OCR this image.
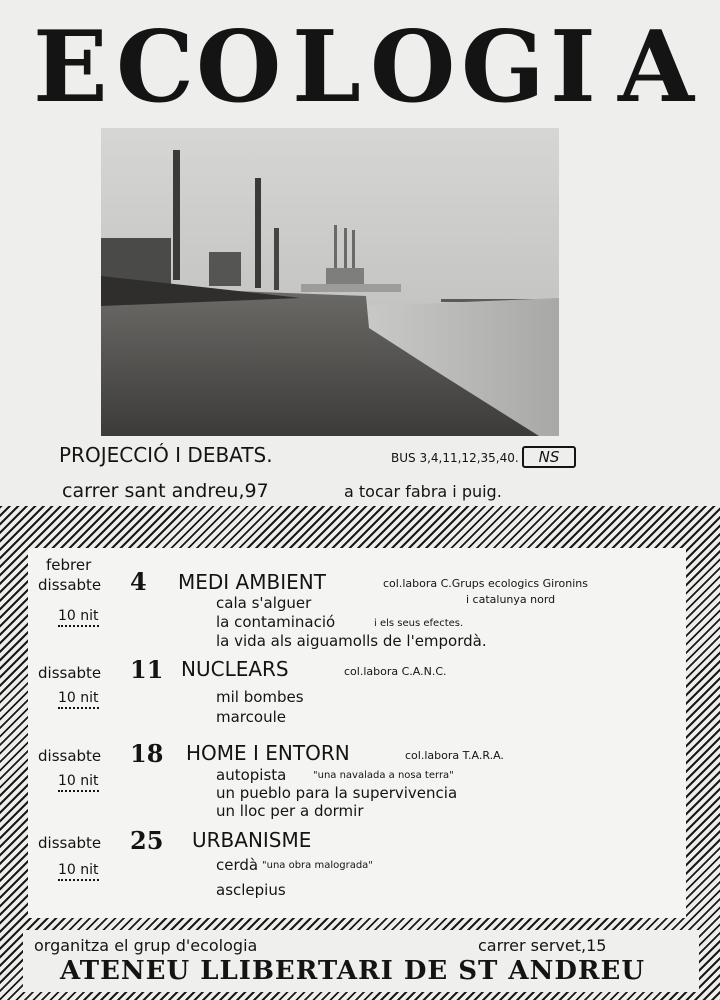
E C O L O G I A
PROJECCIÓ I DEBATS.	BUS 3,4,11,12,35,40.	NS
carrer sant andreu,97	a tocar fabra i puig.
febrer
dissabte 4 MEDI AMBIENT	col.labora C.Grups ecologics Gironins
i catalunya nord
10 nit
cala s'alguer
la contaminació	i els seus efectes.
la vida als aiguamolls de l'empordà.
dissabte 11 NUCLEARS	col.labora C.A.N.C.
10 nit	mil bombes
marcoule
dissabte 18 HOME I ENTORN	col.labora T.A.R.A.
10 nit	autopista	"una navalada a nosa terra"
un pueblo para la supervivencia
un lloc per a dormir
dissabte 25 URBANISME
10 nit	cerdà "una obra malograda"
asclepius
organitza el grup d'ecologia	carrer servet,15
ATENEU LLIBERTARI DE ST ANDREU
